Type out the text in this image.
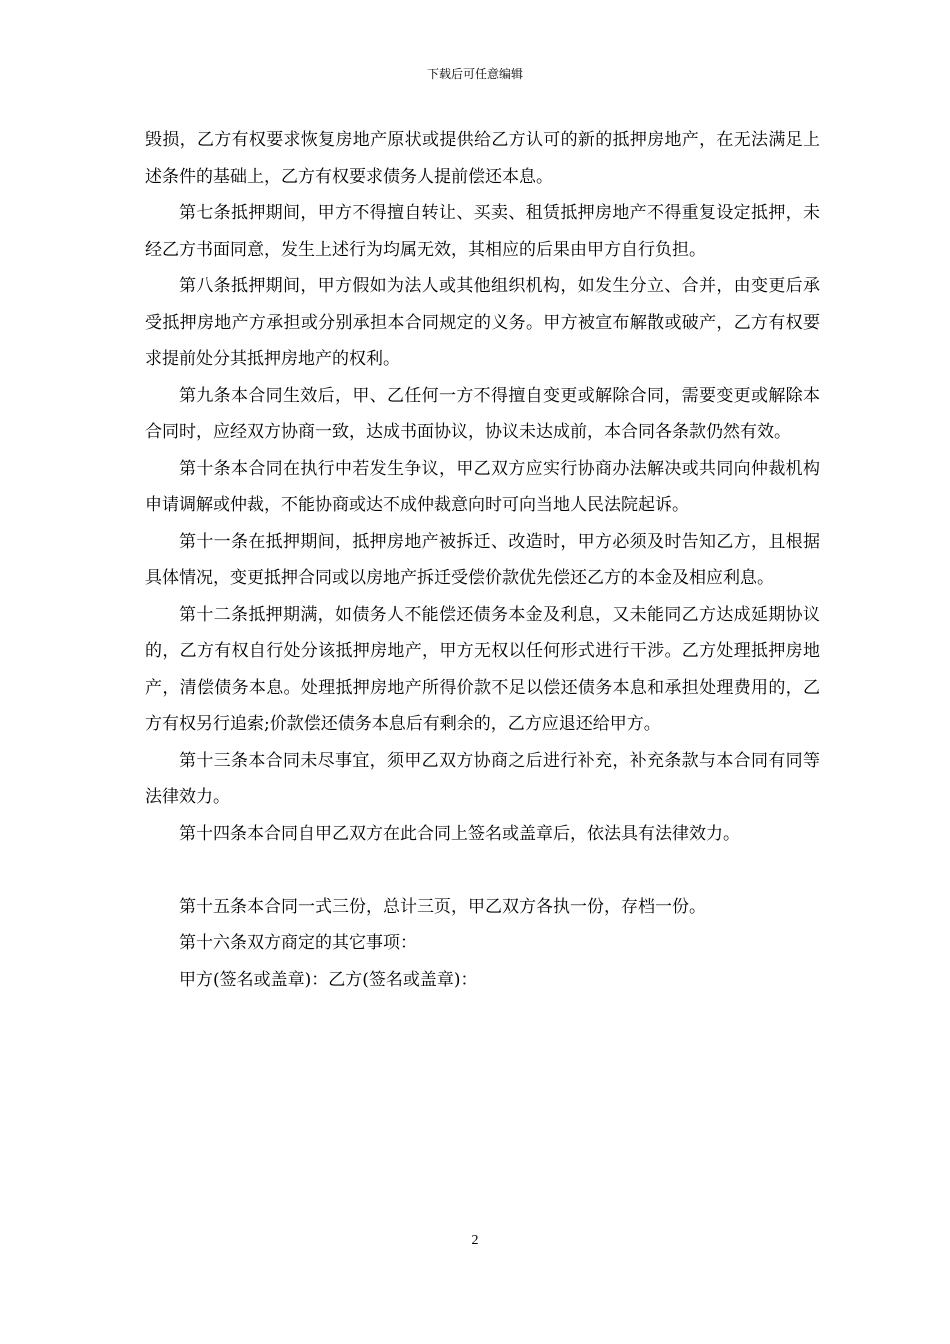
下载后可任意编辑

毁损，乙方有权要求恢复房地产原状或提供给乙方认可的新的抵押房地产，在无法满足上述条件的基础上，乙方有权要求债务人提前偿还本息。

第七条抵押期间，甲方不得擅自转让、买卖、租赁抵押房地产不得重复设定抵押，未经乙方书面同意，发生上述行为均属无效，其相应的后果由甲方自行负担。

第八条抵押期间，甲方假如为法人或其他组织机构，如发生分立、合并，由变更后承受抵押房地产方承担或分别承担本合同规定的义务。甲方被宣布解散或破产，乙方有权要求提前处分其抵押房地产的权利。

第九条本合同生效后，甲、乙任何一方不得擅自变更或解除合同，需要变更或解除本合同时，应经双方协商一致，达成书面协议，协议未达成前，本合同各条款仍然有效。

第十条本合同在执行中若发生争议，甲乙双方应实行协商办法解决或共同向仲裁机构申请调解或仲裁，不能协商或达不成仲裁意向时可向当地人民法院起诉。

第十一条在抵押期间，抵押房地产被拆迁、改造时，甲方必须及时告知乙方，且根据具体情况，变更抵押合同或以房地产拆迁受偿价款优先偿还乙方的本金及相应利息。

第十二条抵押期满，如债务人不能偿还债务本金及利息，又未能同乙方达成延期协议的，乙方有权自行处分该抵押房地产，甲方无权以任何形式进行干涉。乙方处理抵押房地产，清偿债务本息。处理抵押房地产所得价款不足以偿还债务本息和承担处理费用的，乙方有权另行追索;价款偿还债务本息后有剩余的，乙方应退还给甲方。

第十三条本合同未尽事宜，须甲乙双方协商之后进行补充，补充条款与本合同有同等法律效力。

第十四条本合同自甲乙双方在此合同上签名或盖章后，依法具有法律效力。

第十五条本合同一式三份，总计三页，甲乙双方各执一份，存档一份。

第十六条双方商定的其它事项：

甲方(签名或盖章)：乙方(签名或盖章)：

2
